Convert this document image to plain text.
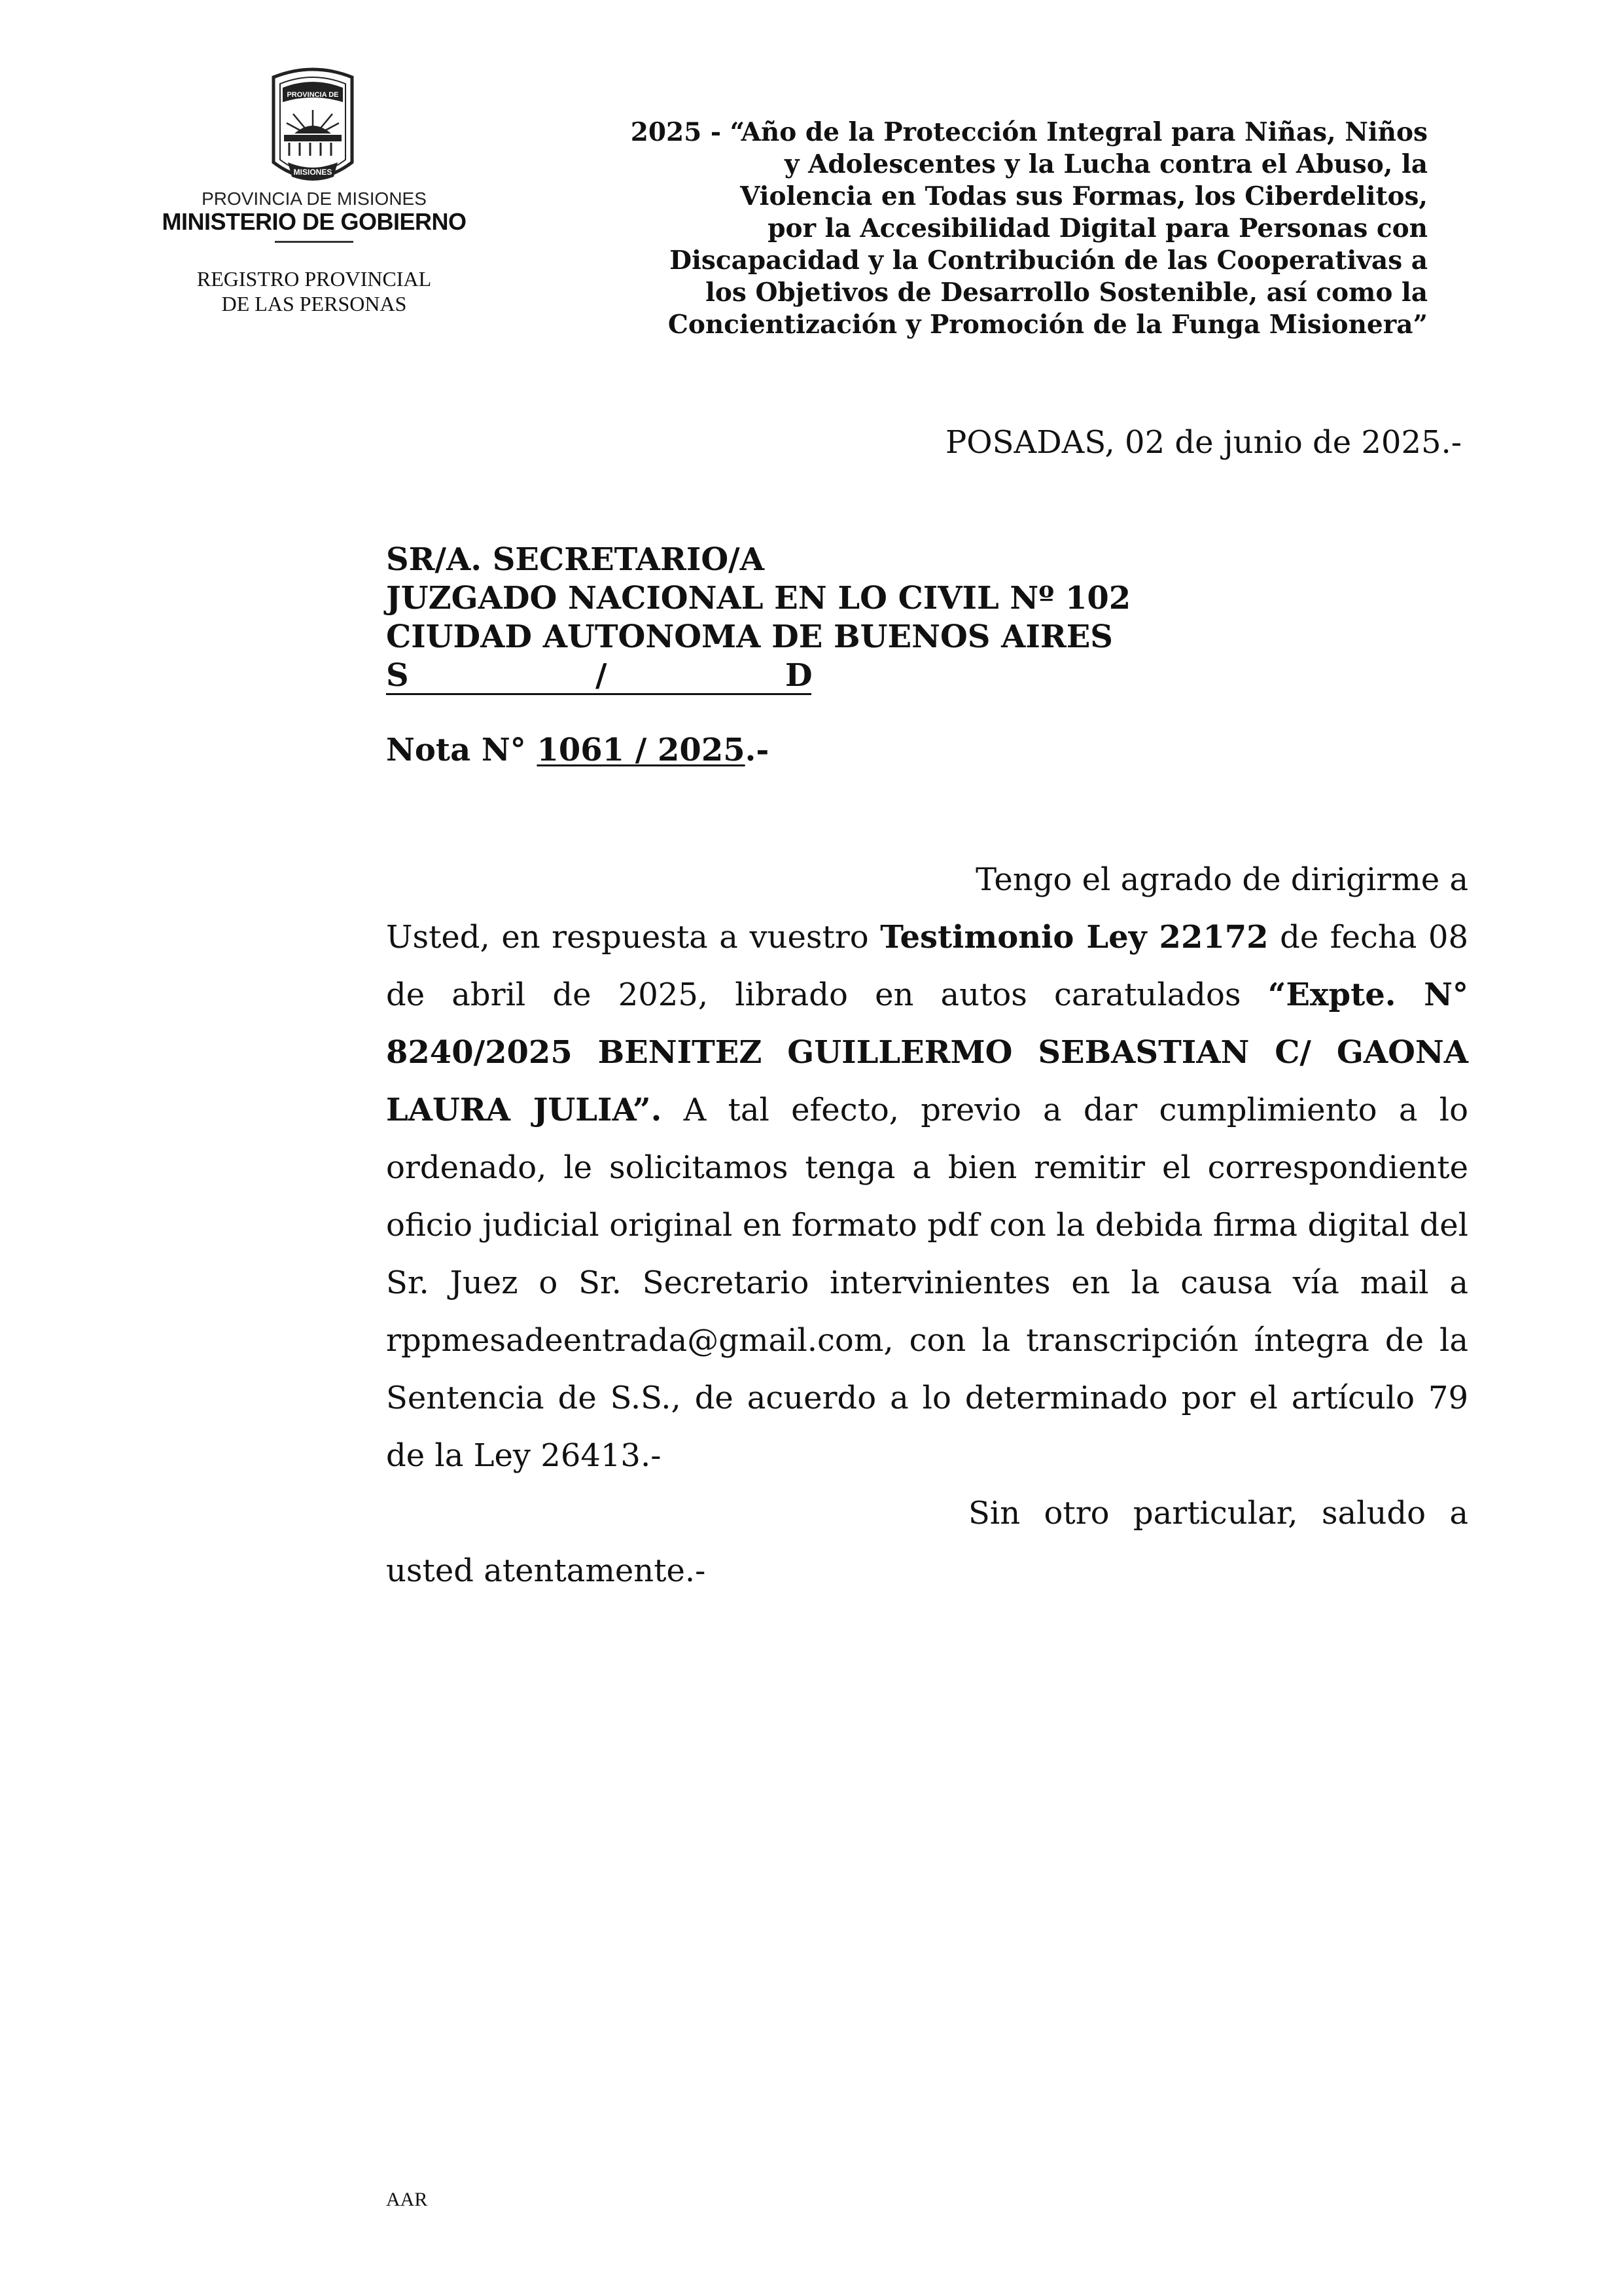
PROVINCIA DE
MISIONES
PROVINCIA DE MISIONES
MINISTERIO DE GOBIERNO
REGISTRO PROVINCIAL
DE LAS PERSONAS
2025 - “Año de la Protección Integral para Niñas, Niños
y Adolescentes y la Lucha contra el Abuso, la
Violencia en Todas sus Formas, los Ciberdelitos,
por la Accesibilidad Digital para Personas con
Discapacidad y la Contribución de las Cooperativas a
los Objetivos de Desarrollo Sostenible, así como la
Concientización y Promoción de la Funga Misionera”
POSADAS, 02 de junio de 2025.-
SR/A. SECRETARIO/A
JUZGADO NACIONAL EN LO CIVIL Nº 102
CIUDAD AUTONOMA DE BUENOS AIRES
S	/	D
Nota N° 1061 / 2025.-
Tengo el agrado de dirigirme a
Usted, en respuesta a vuestro Testimonio Ley 22172 de fecha 08
de abril de 2025, librado en autos caratulados “Expte. N°
8240/2025 BENITEZ GUILLERMO SEBASTIAN C/ GAONA
LAURA JULIA”. A tal efecto, previo a dar cumplimiento a lo
ordenado, le solicitamos tenga a bien remitir el correspondiente
oficio judicial original en formato pdf con la debida firma digital del
Sr. Juez o Sr. Secretario intervinientes en la causa vía mail a
rppmesadeentrada@gmail.com, con la transcripción íntegra de la
Sentencia de S.S., de acuerdo a lo determinado por el artículo 79
de la Ley 26413.-
Sin otro particular, saludo a
usted atentamente.-
AAR
